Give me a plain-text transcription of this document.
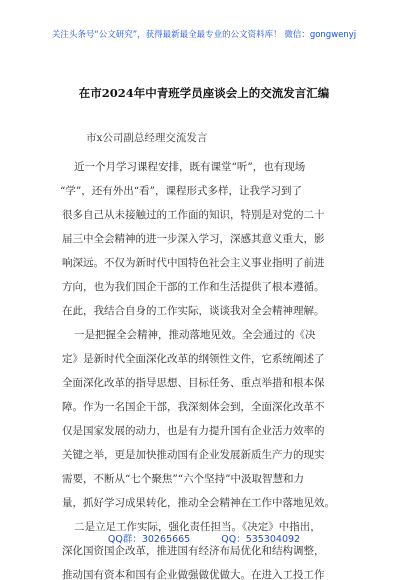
关注头条号“公文研究”，获得最新最全最专业的公文资料库！ 微信：gongwenyj
在市2024年中青班学员座谈会上的交流发言汇编
市x公司副总经理交流发言
近一个月学习课程安排，既有课堂“听”，也有现场
“学”，还有外出“看”，课程形式多样，让我学习到了
很多自己从未接触过的工作面的知识，特别是对党的二十
届三中全会精神的进一步深入学习，深感其意义重大，影
响深远。不仅为新时代中国特色社会主义事业指明了前进
方向，也为我们国企干部的工作和生活提供了根本遵循。
在此，我结合自身的工作实际，谈谈我对全会精神理解。
一是把握全会精神，推动落地见效。全会通过的《决
定》是新时代全面深化改革的纲领性文件，它系统阐述了
全面深化改革的指导思想、目标任务、重点举措和根本保
障。作为一名国企干部，我深刻体会到，全面深化改革不
仅是国家发展的动力，也是有力提升国有企业活力效率的
关键之举，更是加快推动国有企业发展新质生产力的现实
需要，不断从“七个聚焦”“六个坚持”中汲取智慧和力
量，抓好学习成果转化，推动全会精神在工作中落地见效。
二是立足工作实际，强化责任担当。《决定》中指出，
深化国资国企改革，推进国有经济布局优化和结构调整，
推动国有资本和国有企业做强做优做大。在进入工投工作
QQ群：30265665	QQ：535304092
